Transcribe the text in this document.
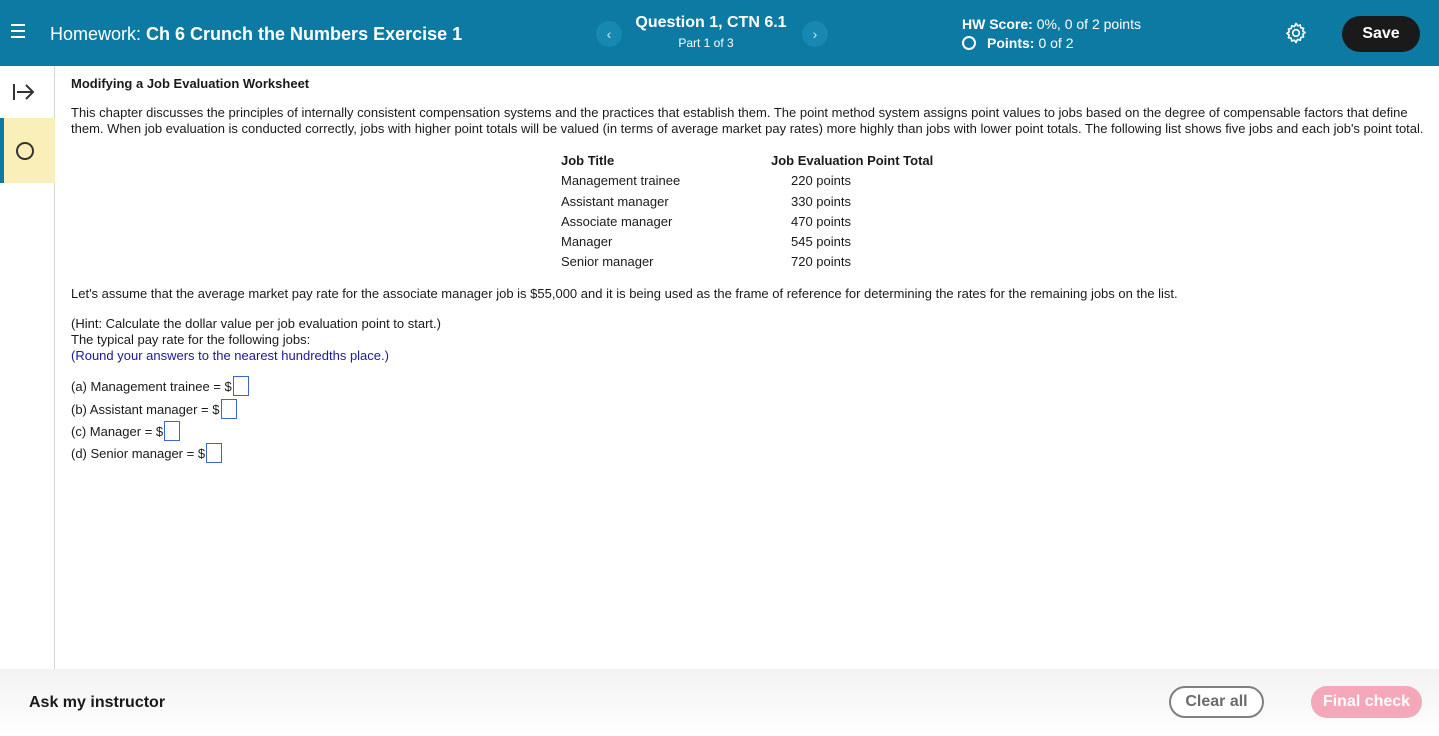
Homework: Ch 6 Crunch the Numbers Exercise 1	‹
Question 1, CTN 6.1
Part 1 of 3
›
HW Score: 0%, 0 of 2 points
Points: 0 of 2
Save
Modifying a Job Evaluation Worksheet
This chapter discusses the principles of internally consistent compensation systems and the practices that establish them. The point method system assigns point values to jobs based on the degree of compensable factors that define
them. When job evaluation is conducted correctly, jobs with higher point totals will be valued (in terms of average market pay rates) more highly than jobs with lower point totals. The following list shows five jobs and each job's point total.
Job Title	Job Evaluation Point Total
Management trainee	220 points
Assistant manager	330 points
Associate manager	470 points
Manager	545 points
Senior manager	720 points
Let's assume that the average market pay rate for the associate manager job is $55,000 and it is being used as the frame of reference for determining the rates for the remaining jobs on the list.
(Hint: Calculate the dollar value per job evaluation point to start.)
The typical pay rate for the following jobs:
(Round your answers to the nearest hundredths place.)
(a) Management trainee = $
(b) Assistant manager = $
(c) Manager = $
(d) Senior manager = $
Ask my instructor	Clear all	Final check
